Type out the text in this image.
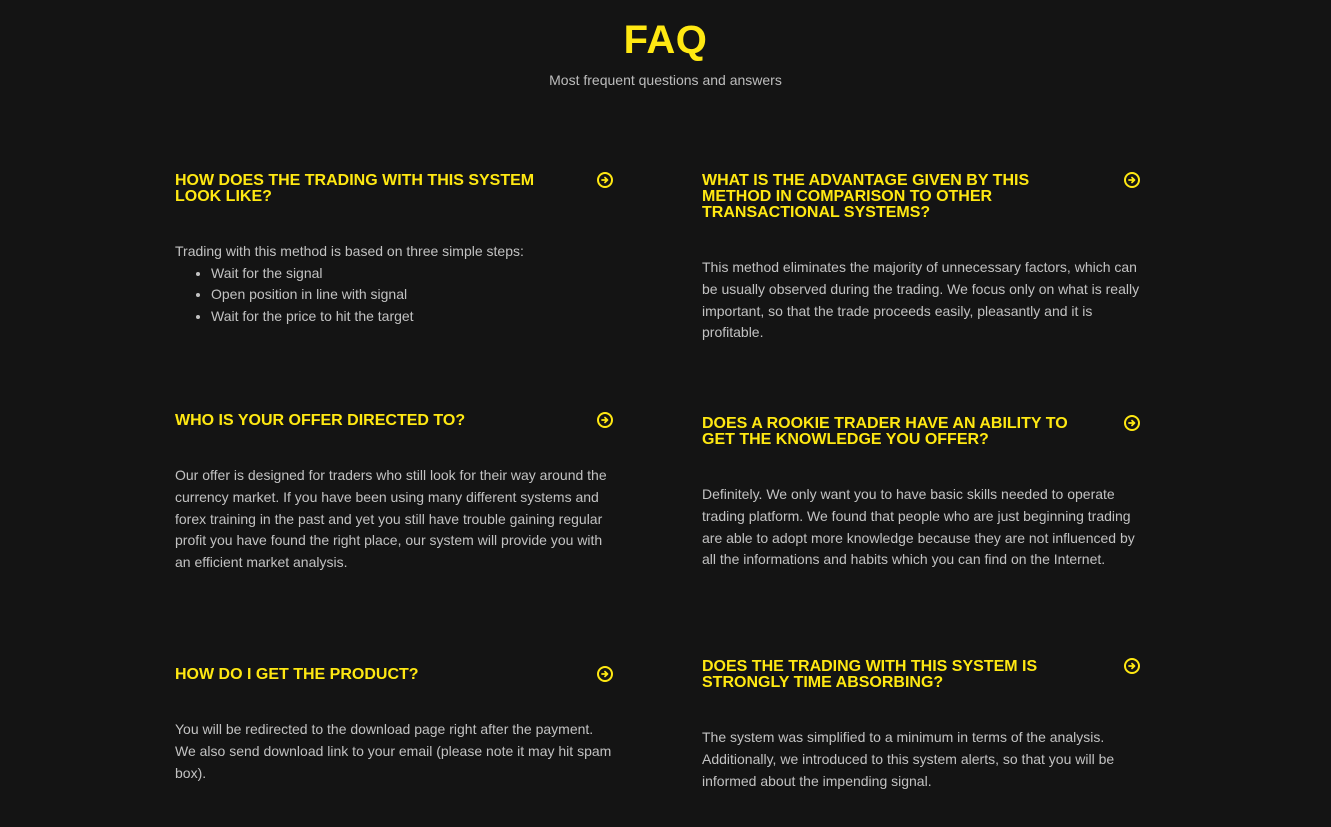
FAQ
Most frequent questions and answers
HOW DOES THE TRADING WITH THIS SYSTEM LOOK LIKE?
Trading with this method is based on three simple steps:
• Wait for the signal
• Open position in line with signal
• Wait for the price to hit the target
WHAT IS THE ADVANTAGE GIVEN BY THIS METHOD IN COMPARISON TO OTHER TRANSACTIONAL SYSTEMS?
This method eliminates the majority of unnecessary factors, which can be usually observed during the trading. We focus only on what is really important, so that the trade proceeds easily, pleasantly and it is profitable.
WHO IS YOUR OFFER DIRECTED TO?
Our offer is designed for traders who still look for their way around the currency market. If you have been using many different systems and forex training in the past and yet you still have trouble gaining regular profit you have found the right place, our system will provide you with an efficient market analysis.
DOES A ROOKIE TRADER HAVE AN ABILITY TO GET THE KNOWLEDGE YOU OFFER?
Definitely. We only want you to have basic skills needed to operate trading platform. We found that people who are just beginning trading are able to adopt more knowledge because they are not influenced by all the informations and habits which you can find on the Internet.
HOW DO I GET THE PRODUCT?
You will be redirected to the download page right after the payment. We also send download link to your email (please note it may hit spam box).
DOES THE TRADING WITH THIS SYSTEM IS STRONGLY TIME ABSORBING?
The system was simplified to a minimum in terms of the analysis. Additionally, we introduced to this system alerts, so that you will be informed about the impending signal.
